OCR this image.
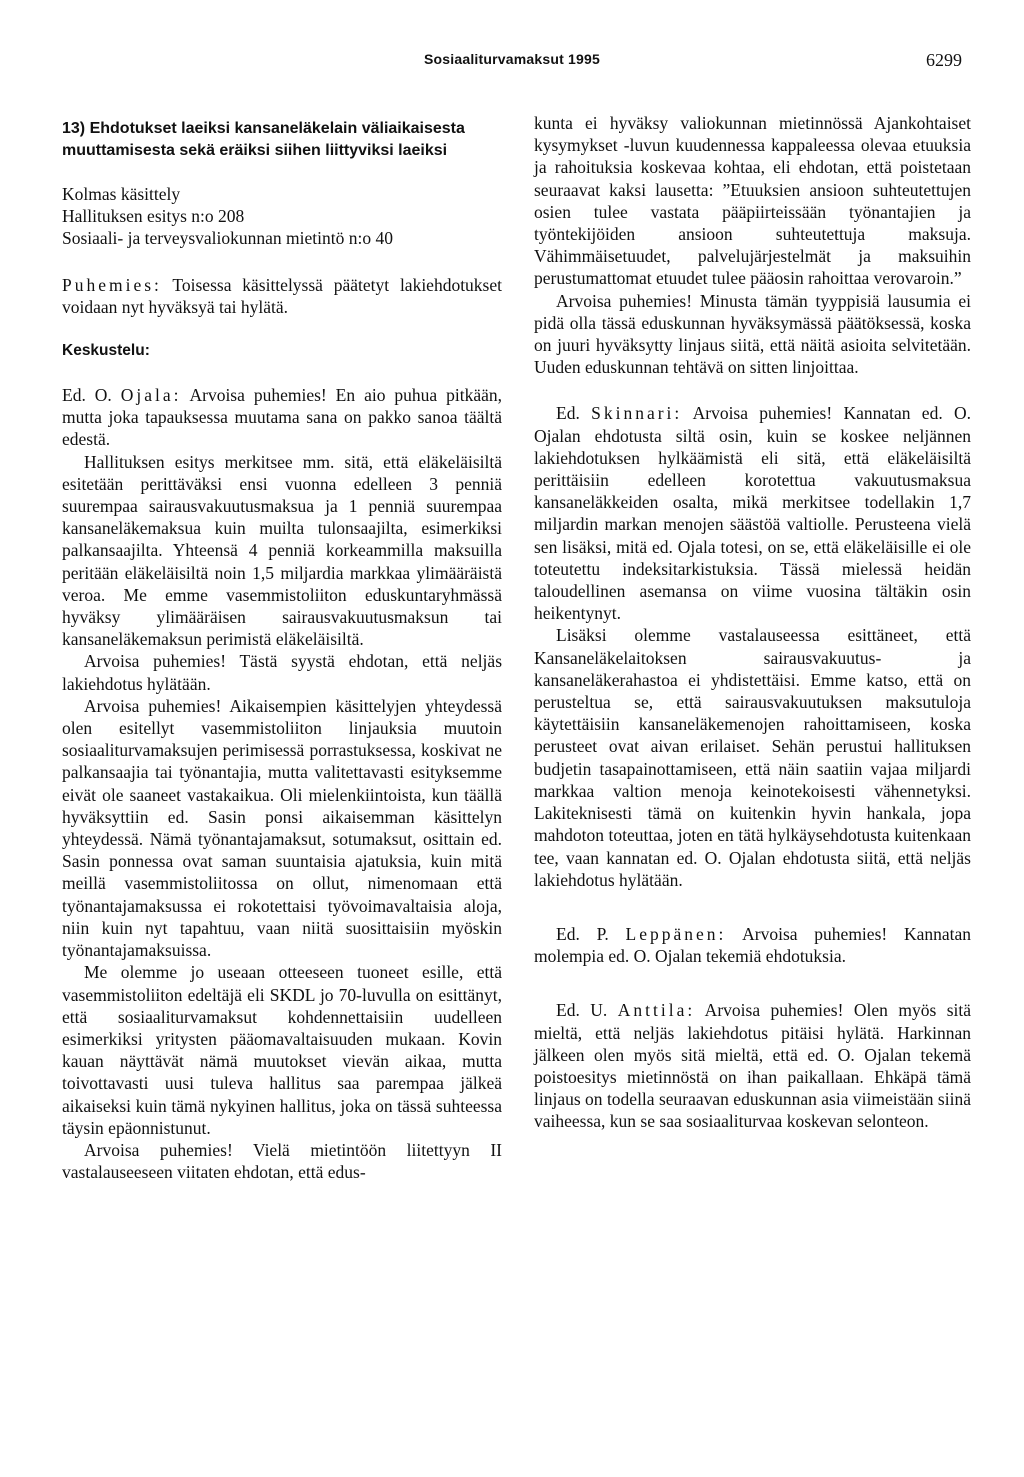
Sosiaaliturvamaksut 1995	6299

13) Ehdotukset laeiksi kansaneläkelain väliaikaisesta muuttamisesta sekä eräiksi siihen liittyviksi laeiksi

Kolmas käsittely

Hallituksen esitys n:o 208

Sosiaali- ja terveysvaliokunnan mietintö n:o 40

Puhemies: Toisessa käsittelyssä päätetyt lakiehdotukset voidaan nyt hyväksyä tai hylätä.

Keskustelu:

Ed. O. Ojala: Arvoisa puhemies! En aio puhua pitkään, mutta joka tapauksessa muutama sana on pakko sanoa täältä edestä.

Hallituksen esitys merkitsee mm. sitä, että eläkeläisiltä esitetään perittäväksi ensi vuonna edelleen 3 penniä suurempaa sairausvakuutusmaksua ja 1 penniä suurempaa kansaneläkemaksua kuin muilta tulonsaajilta, esimerkiksi palkansaajilta. Yhteensä 4 penniä korkeammilla maksuilla peritään eläkeläisiltä noin 1,5 miljardia markkaa ylimääräistä veroa. Me emme vasemmistoliiton eduskuntaryhmässä hyväksy ylimääräisen sairausvakuutusmaksun tai kansaneläkemaksun perimistä eläkeläisiltä.

Arvoisa puhemies! Tästä syystä ehdotan, että neljäs lakiehdotus hylätään.

Arvoisa puhemies! Aikaisempien käsittelyjen yhteydessä olen esitellyt vasemmistoliiton linjauksia muutoin sosiaaliturvamaksujen perimisessä porrastuksessa, koskivat ne palkansaajia tai työnantajia, mutta valitettavasti esityksemme eivät ole saaneet vastakaikua. Oli mielenkiintoista, kun täällä hyväksyttiin ed. Sasin ponsi aikaisemman käsittelyn yhteydessä. Nämä työnantajamaksut, sotumaksut, osittain ed. Sasin ponnessa ovat saman suuntaisia ajatuksia, kuin mitä meillä vasemmistoliitossa on ollut, nimenomaan että työnantajamaksussa ei rokotettaisi työvoimavaltaisia aloja, niin kuin nyt tapahtuu, vaan niitä suosittaisiin myöskin työnantajamaksuissa.

Me olemme jo useaan otteeseen tuoneet esille, että vasemmistoliiton edeltäjä eli SKDL jo 70-luvulla on esittänyt, että sosiaaliturvamaksut kohdennettaisiin uudelleen esimerkiksi yritysten pääomavaltaisuuden mukaan. Kovin kauan näyttävät nämä muutokset vievän aikaa, mutta toivottavasti uusi tuleva hallitus saa parempaa jälkeä aikaiseksi kuin tämä nykyinen hallitus, joka on tässä suhteessa täysin epäonnistunut.

Arvoisa puhemies! Vielä mietintöön liitettyyn II vastalauseeseen viitaten ehdotan, että edus-

kunta ei hyväksy valiokunnan mietinnössä Ajankohtaiset kysymykset -luvun kuudennessa kappaleessa olevaa etuuksia ja rahoituksia koskevaa kohtaa, eli ehdotan, että poistetaan seuraavat kaksi lausetta: ”Etuuksien ansioon suhteutettujen osien tulee vastata pääpiirteissään työnantajien ja työntekijöiden ansioon suhteutettuja maksuja. Vähimmäisetuudet, palvelujärjestelmät ja maksuihin perustumattomat etuudet tulee pääosin rahoittaa verovaroin.”

Arvoisa puhemies! Minusta tämän tyyppisiä lausumia ei pidä olla tässä eduskunnan hyväksymässä päätöksessä, koska on juuri hyväksytty linjaus siitä, että näitä asioita selvitetään. Uuden eduskunnan tehtävä on sitten linjoittaa.

Ed. Skinnari: Arvoisa puhemies! Kannatan ed. O. Ojalan ehdotusta siltä osin, kuin se koskee neljännen lakiehdotuksen hylkäämistä eli sitä, että eläkeläisiltä perittäisiin edelleen korotettua vakuutusmaksua kansaneläkkeiden osalta, mikä merkitsee todellakin 1,7 miljardin markan menojen säästöä valtiolle. Perusteena vielä sen lisäksi, mitä ed. Ojala totesi, on se, että eläkeläisille ei ole toteutettu indeksitarkistuksia. Tässä mielessä heidän taloudellinen asemansa on viime vuosina tältäkin osin heikentynyt.

Lisäksi olemme vastalauseessa esittäneet, että Kansaneläkelaitoksen sairausvakuutus- ja kansaneläkerahastoa ei yhdistettäisi. Emme katso, että on perusteltua se, että sairausvakuutuksen maksutuloja käytettäisiin kansaneläkemenojen rahoittamiseen, koska perusteet ovat aivan erilaiset. Sehän perustui hallituksen budjetin tasapainottamiseen, että näin saatiin vajaa miljardi markkaa valtion menoja keinotekoisesti vähennetyksi. Lakiteknisesti tämä on kuitenkin hyvin hankala, jopa mahdoton toteuttaa, joten en tätä hylkäysehdotusta kuitenkaan tee, vaan kannatan ed. O. Ojalan ehdotusta siitä, että neljäs lakiehdotus hylätään.

Ed. P. Leppänen: Arvoisa puhemies! Kannatan molempia ed. O. Ojalan tekemiä ehdotuksia.

Ed. U. Anttila: Arvoisa puhemies! Olen myös sitä mieltä, että neljäs lakiehdotus pitäisi hylätä. Harkinnan jälkeen olen myös sitä mieltä, että ed. O. Ojalan tekemä poistoesitys mietinnöstä on ihan paikallaan. Ehkäpä tämä linjaus on todella seuraavan eduskunnan asia viimeistään siinä vaiheessa, kun se saa sosiaaliturvaa koskevan selonteon.
